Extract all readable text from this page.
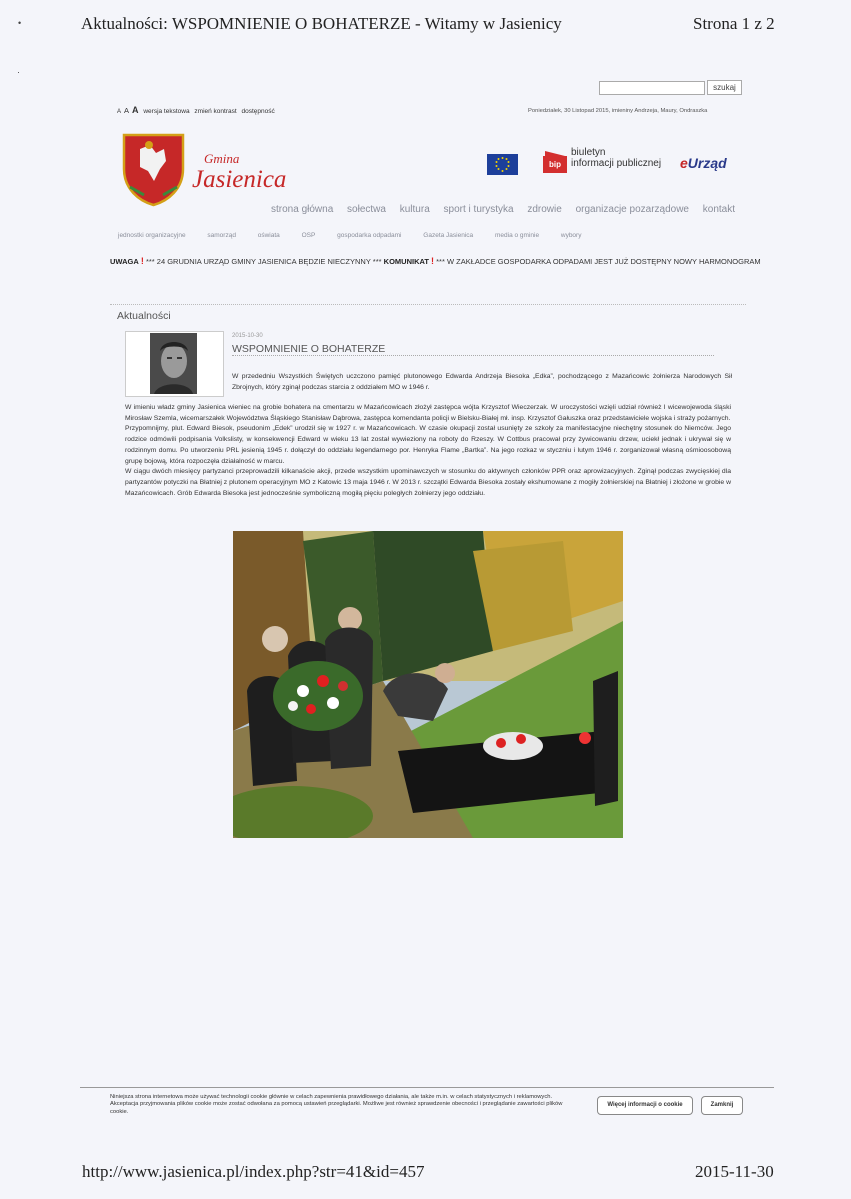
Aktualności: WSPOMNIENIE O BOHATERZE - Witamy w Jasienicy	Strona 1 z 2
•
·
szukaj
A A A wersja tekstowa zmień kontrast dostępność	Poniedziałek, 30 Listopad 2015, imieniny Andrzeja, Maury, Ondraszka
Gmina
Jasienica
bip
biuletyn
informacji publicznej eUrząd
strona główna sołectwa kultura sport i turystyka zdrowie organizacje pozarządowe kontakt
jednostki organizacyjne	samorząd	oświata	OSP	gospodarka odpadami	Gazeta Jasienica	media o gminie	wybory
UWAGA ! *** 24 GRUDNIA URZĄD GMINY JASIENICA BĘDZIE NIECZYNNY *** KOMUNIKAT ! *** W ZAKŁADCE GOSPODARKA ODPADAMI JEST JUŻ DOSTĘPNY NOWY HARMONOGRAM
Aktualności
2015-10-30
WSPOMNIENIE O BOHATERZE
W przededniu Wszystkich Świętych uczczono pamięć plutonowego Edwarda Andrzeja Biesoka „Edka”, pochodzącego z Mazańcowic żołnierza Narodowych Sił Zbrojnych, który zginął podczas starcia z oddziałem MO w 1946 r.

W imieniu władz gminy Jasienica wieniec na grobie bohatera na cmentarzu w Mazańcowicach złożył zastępca wójta Krzysztof Wieczerzak. W uroczystości wzięli udział również I wicewojewoda śląski Mirosław Szemla, wicemarszałek Województwa Śląskiego Stanisław Dąbrowa, zastępca komendanta policji w Bielsku-Białej mł. insp. Krzysztof Gałuszka oraz przedstawiciele wojska i straży pożarnych.

Przypomnijmy, plut. Edward Biesok, pseudonim „Edek” urodził się w 1927 r. w Mazańcowicach. W czasie okupacji został usunięty ze szkoły za manifestacyjne niechętny stosunek do Niemców. Jego rodzice odmówili podpisania Volkslisty, w konsekwencji Edward w wieku 13 lat został wywieziony na roboty do Rzeszy. W Cottbus pracował przy żywicowaniu drzew, uciekł jednak i ukrywał się w rodzinnym domu. Po utworzeniu PRL jesienią 1945 r. dołączył do oddziału legendarnego por. Henryka Flame „Bartka”. Na jego rozkaz w styczniu i lutym 1946 r. zorganizował własną ośmioosobową grupę bojową, która rozpoczęła działalność w marcu.

W ciągu dwóch miesięcy partyzanci przeprowadzili kilkanaście akcji, przede wszystkim upominawczych w stosunku do aktywnych członków PPR oraz aprowizacyjnych. Zginął podczas zwycięskiej dla partyzantów potyczki na Błatniej z plutonem operacyjnym MO z Katowic 13 maja 1946 r. W 2013 r. szczątki Edwarda Biesoka zostały ekshumowane z mogiły żołnierskiej na Błatniej i złożone w grobie w Mazańcowicach. Grób Edwarda Biesoka jest jednocześnie symboliczną mogiłą pięciu poległych żołnierzy jego oddziału.

Niniejsza strona internetowa może używać technologii cookie głównie w celach zapewnienia prawidłowego działania, ale także m.in. w celach statystycznych i reklamowych. Akceptacja przyjmowania plików cookie może zostać odwołana za pomocą ustawień przeglądarki. Możliwe jest również sprawdzenie obecności i przeglądanie zawartości plików cookie.
Więcej informacji o cookie	Zamknij
http://www.jasienica.pl/index.php?str=41&id=457	2015-11-30
